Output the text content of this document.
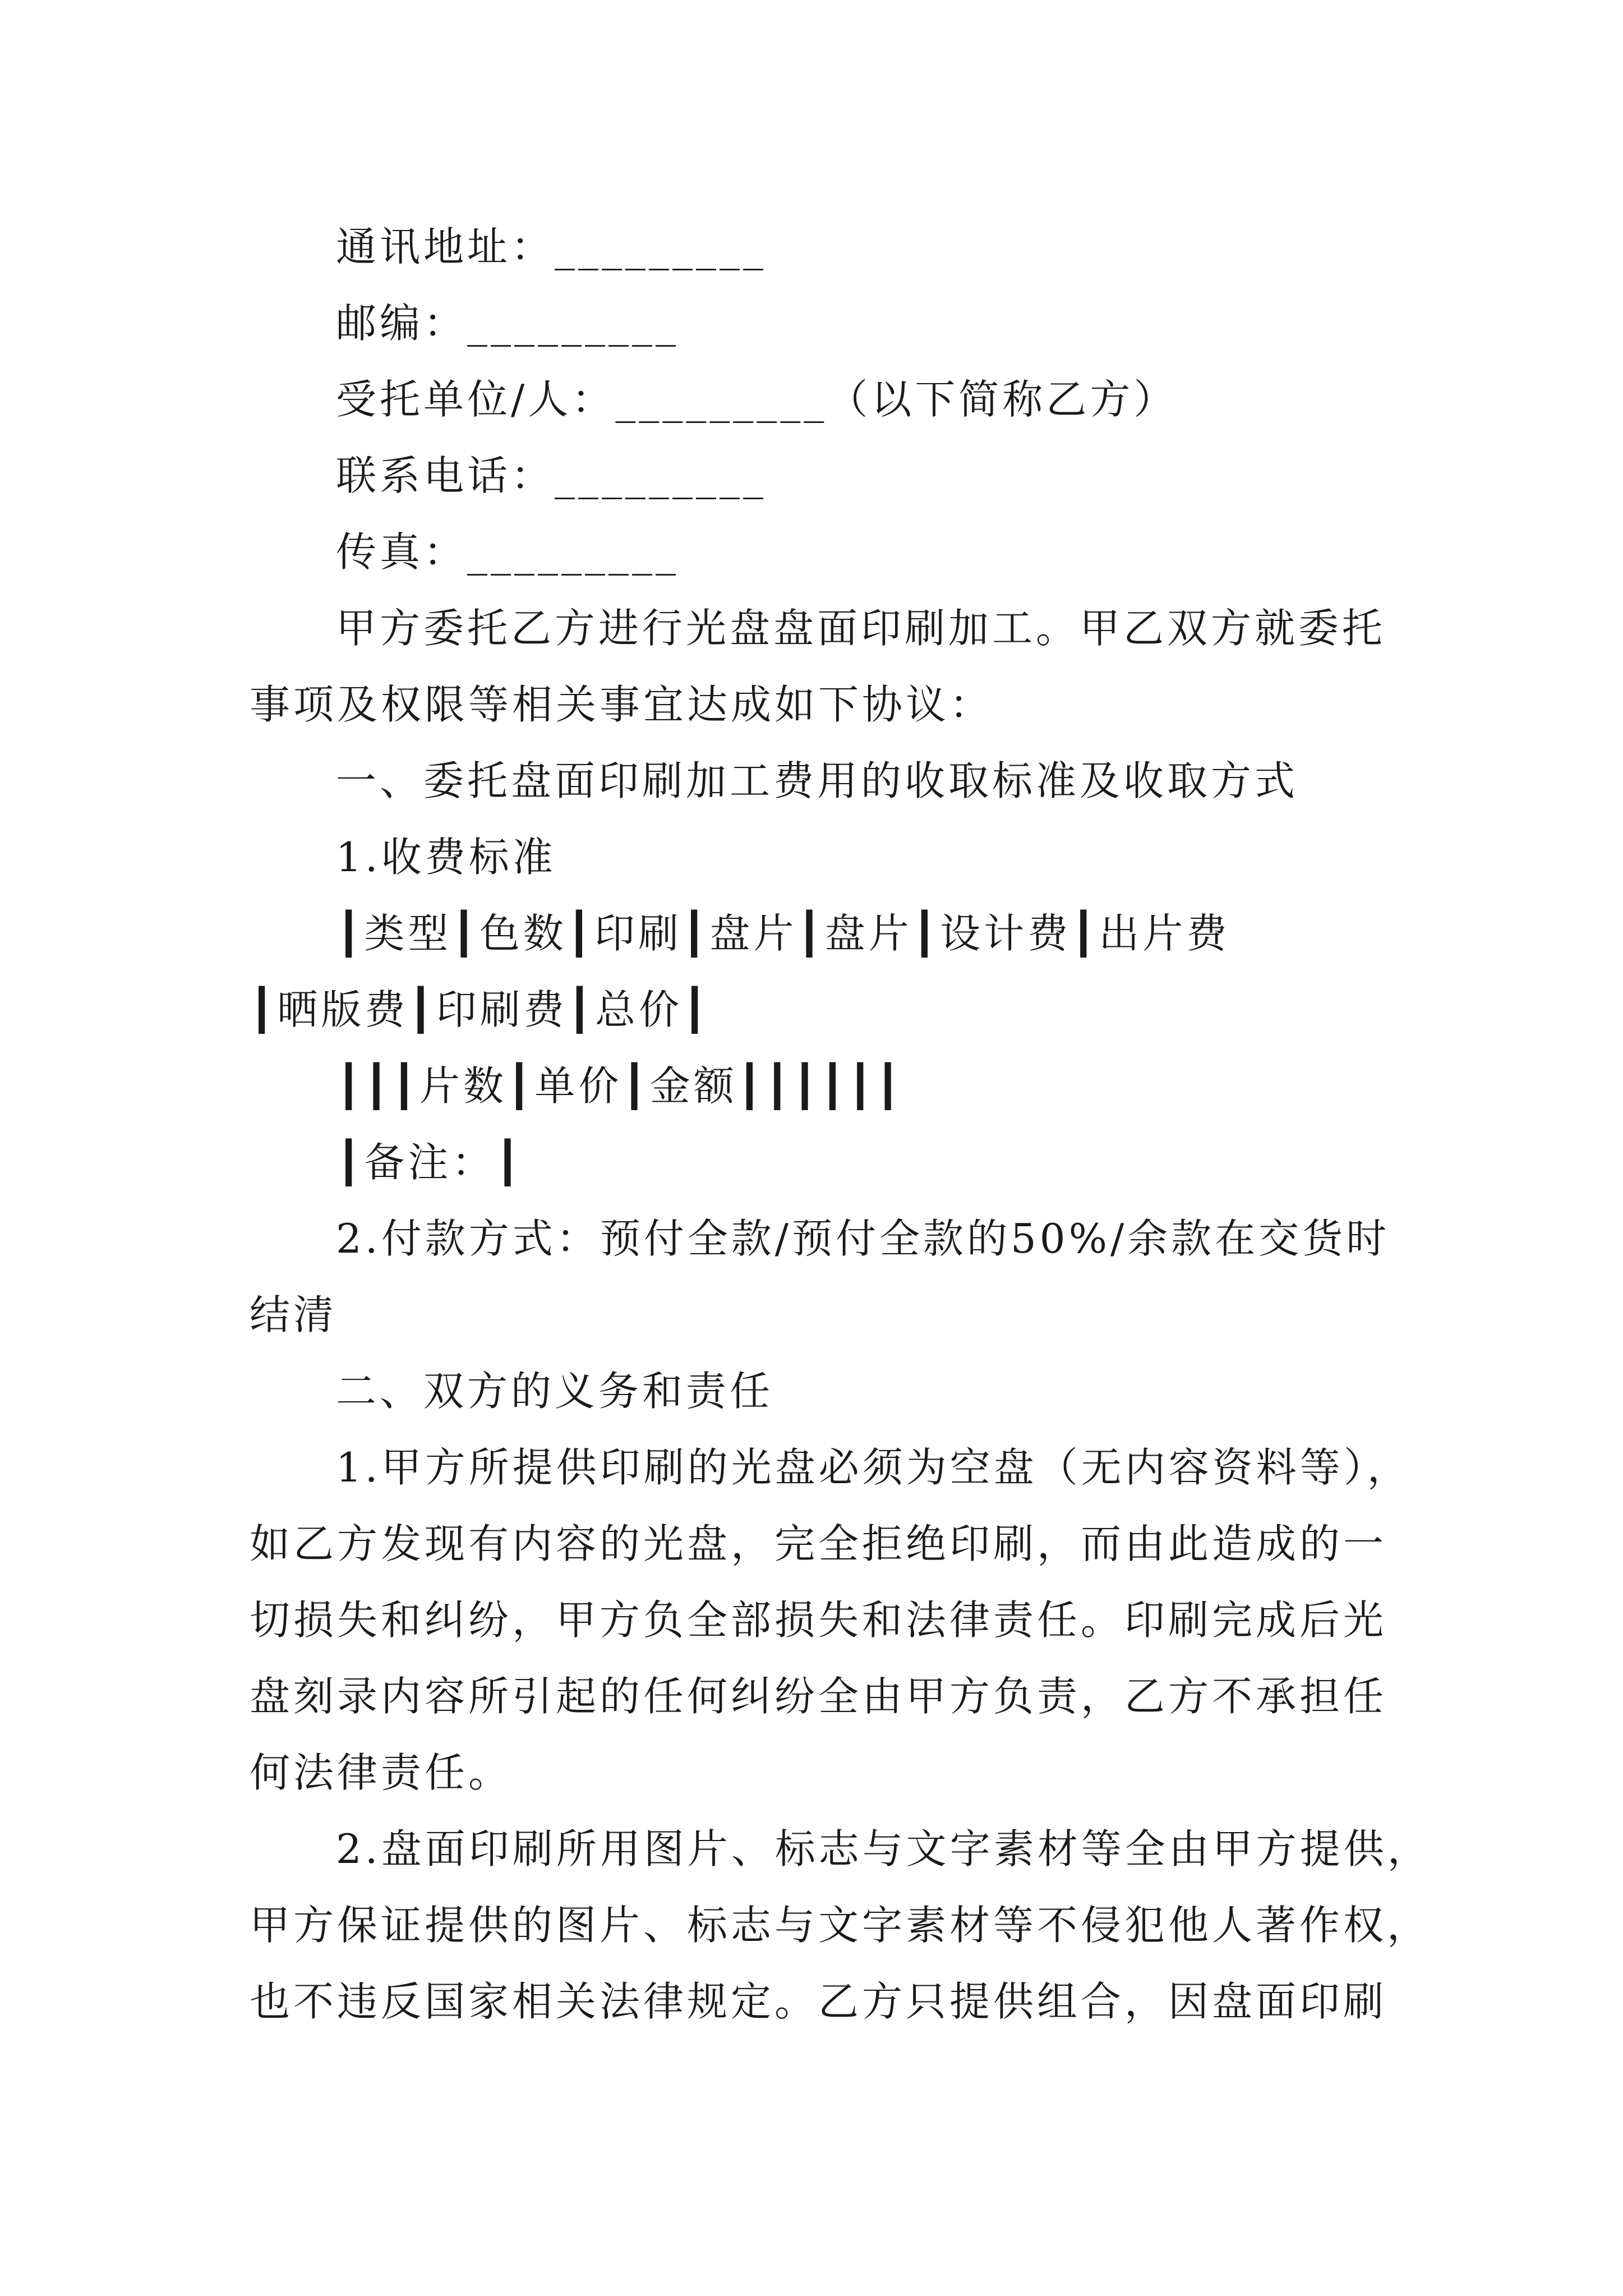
通讯地址：_________
邮编：_________
受托单位/人：_________（以下简称乙方）
联系电话：_________
传真：_________
甲方委托乙方进行光盘盘面印刷加工。甲乙双方就委托
事项及权限等相关事宜达成如下协议：
一、委托盘面印刷加工费用的收取标准及收取方式
1.收费标准
┃类型┃色数┃印刷┃盘片┃盘片┃设计费┃出片费
┃晒版费┃印刷费┃总价┃
┃┃┃片数┃单价┃金额┃┃┃┃┃┃
┃备注：┃
2.付款方式：预付全款/预付全款的50%/余款在交货时
结清
二、双方的义务和责任
1.甲方所提供印刷的光盘必须为空盘（无内容资料等），
如乙方发现有内容的光盘，完全拒绝印刷，而由此造成的一
切损失和纠纷，甲方负全部损失和法律责任。印刷完成后光
盘刻录内容所引起的任何纠纷全由甲方负责，乙方不承担任
何法律责任。
2.盘面印刷所用图片、标志与文字素材等全由甲方提供，
甲方保证提供的图片、标志与文字素材等不侵犯他人著作权，
也不违反国家相关法律规定。乙方只提供组合，因盘面印刷
